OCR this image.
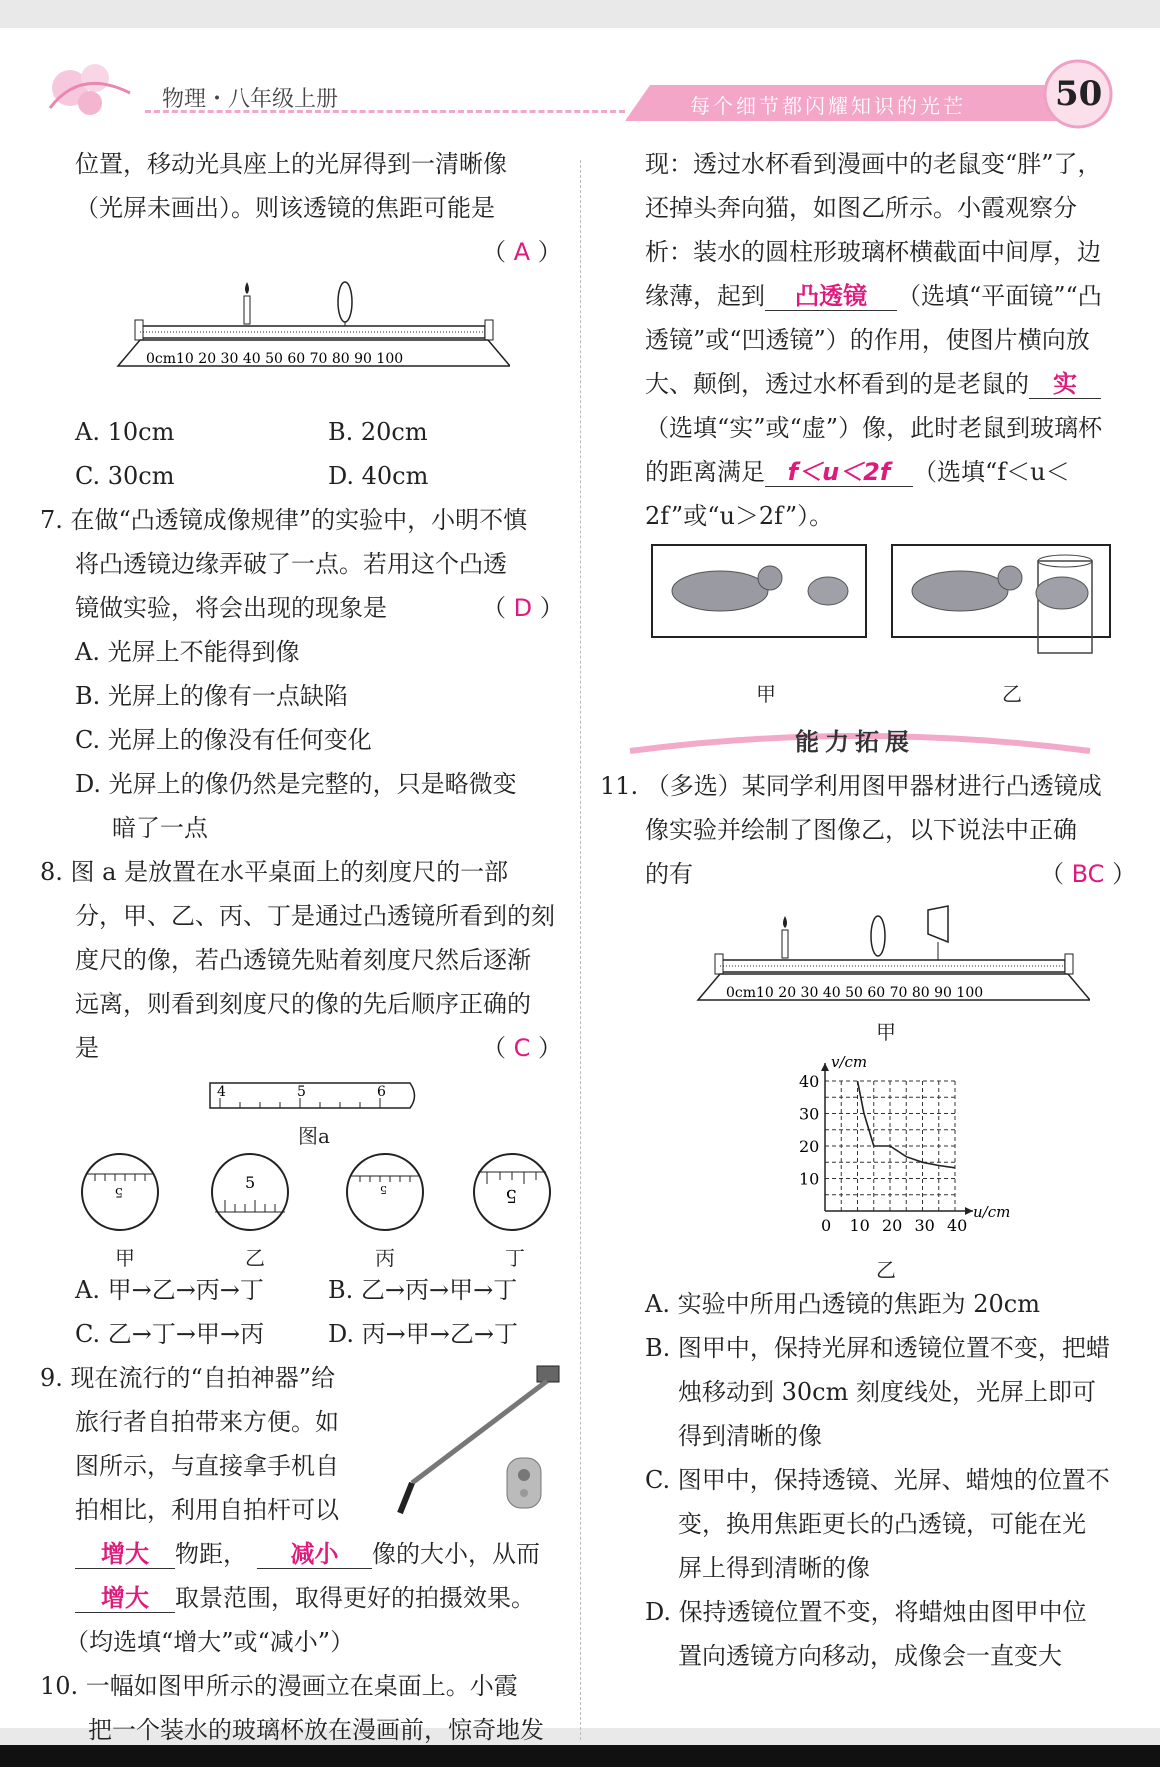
物理・八年级上册	每个细节都闪耀知识的光芒	50
位置，移动光具座上的光屏得到一清晰像
（光屏未画出）。则该透镜的焦距可能是
（ A ）
0cm10 20 30 40 50 60 70 80 90 100
A. 10cm	B. 20cm
C. 30cm	D. 40cm
7. 在做“凸透镜成像规律”的实验中，小明不慎
将凸透镜边缘弄破了一点。若用这个凸透
镜做实验，将会出现的现象是	（ D ）
A. 光屏上不能得到像
B. 光屏上的像有一点缺陷
C. 光屏上的像没有任何变化
D. 光屏上的像仍然是完整的，只是略微变
暗了一点
8. 图 a 是放置在水平桌面上的刻度尺的一部
分，甲、乙、丙、丁是通过凸透镜所看到的刻
度尺的像，若凸透镜先贴着刻度尺然后逐渐
远离，则看到刻度尺的像的先后顺序正确的
是	（ C ）
4	5	6
图a
5	5	5	5
甲	乙	丙	丁
A. 甲→乙→丙→丁	B. 乙→丙→甲→丁
C. 乙→丁→甲→丙	D. 丙→甲→乙→丁
9. 现在流行的“自拍神器”给
旅行者自拍带来方便。如
图所示，与直接拿手机自
拍相比，利用自拍杆可以
增大 物距， 减小 像的大小，从而
增大 取景范围，取得更好的拍摄效果。
（均选填“增大”或“减小”）
10. 一幅如图甲所示的漫画立在桌面上。小霞
把一个装水的玻璃杯放在漫画前，惊奇地发
现：透过水杯看到漫画中的老鼠变“胖”了，
还掉头奔向猫，如图乙所示。小霞观察分
析：装水的圆柱形玻璃杯横截面中间厚，边
缘薄，起到 凸透镜 （选填“平面镜”“凸
透镜”或“凹透镜”）的作用，使图片横向放
大、颠倒，透过水杯看到的是老鼠的 实
（选填“实”或“虚”）像，此时老鼠到玻璃杯
的距离满足 f＜u＜2f （选填“f＜u＜
2f”或“u＞2f”）。
甲	乙
能力拓展
11. （多选）某同学利用图甲器材进行凸透镜成
像实验并绘制了图像乙，以下说法中正确
的有	（ BC ）
0cm10 20 30 40 50 60 70 80 90 100
甲
0 10 20 30 40
10
20
30
40
u/cm
v/cm
乙
A. 实验中所用凸透镜的焦距为 20cm
B. 图甲中，保持光屏和透镜位置不变，把蜡
烛移动到 30cm 刻度线处，光屏上即可
得到清晰的像
C. 图甲中，保持透镜、光屏、蜡烛的位置不
变，换用焦距更长的凸透镜，可能在光
屏上得到清晰的像
D. 保持透镜位置不变，将蜡烛由图甲中位
置向透镜方向移动，成像会一直变大
